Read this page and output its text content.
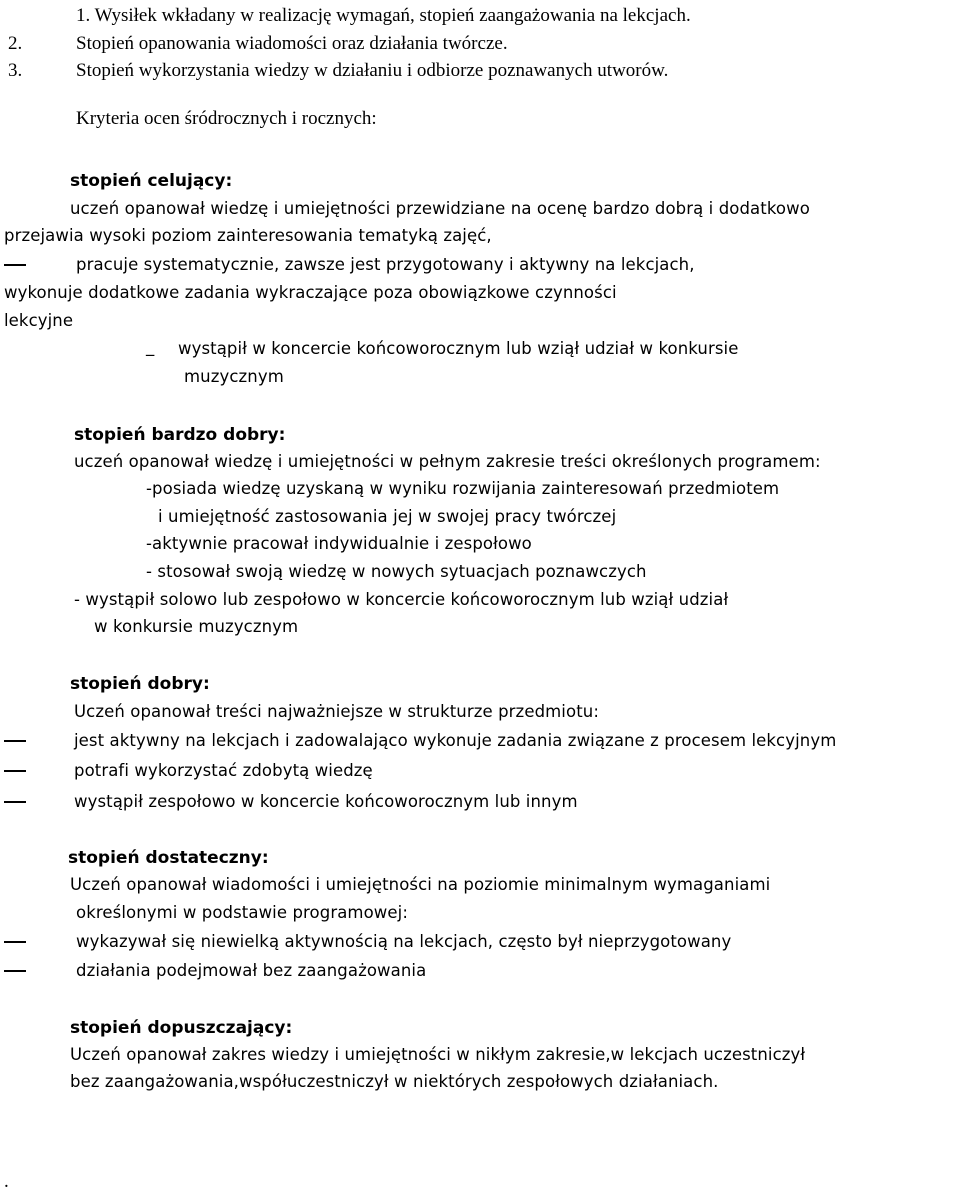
1. Wysiłek wkładany w realizację wymagań, stopień zaangażowania na lekcjach.

2.	Stopień opanowania wiadomości oraz działania twórcze.

3.	Stopień wykorzystania wiedzy w działaniu i odbiorze poznawanych utworów.

Kryteria ocen śródrocznych i rocznych:

stopień celujący:

uczeń opanował wiedzę i umiejętności przewidziane na ocenę bardzo dobrą i dodatkowo

przejawia wysoki poziom zainteresowania tematyką zajęć,

pracuje systematycznie, zawsze jest przygotowany i aktywny na lekcjach,

wykonuje dodatkowe zadania wykraczające poza obowiązkowe czynności

lekcyjne

_ wystąpił w koncercie końcoworocznym lub wziął udział w konkursie

muzycznym

stopień bardzo dobry:

uczeń opanował wiedzę i umiejętności w pełnym zakresie treści określonych programem:

-posiada wiedzę uzyskaną w wyniku rozwijania zainteresowań przedmiotem

i umiejętność zastosowania jej w swojej pracy twórczej

-aktywnie pracował indywidualnie i zespołowo

- stosował swoją wiedzę w nowych sytuacjach poznawczych

- wystąpił solowo lub zespołowo w koncercie końcoworocznym lub wziął udział

w konkursie muzycznym

stopień dobry:

Uczeń opanował treści najważniejsze w strukturze przedmiotu:

jest aktywny na lekcjach i zadowalająco wykonuje zadania związane z procesem lekcyjnym

potrafi wykorzystać zdobytą wiedzę

wystąpił zespołowo w koncercie końcoworocznym lub innym

stopień dostateczny:

Uczeń opanował wiadomości i umiejętności na poziomie minimalnym wymaganiami

określonymi w podstawie programowej:

wykazywał się niewielką aktywnością na lekcjach, często był nieprzygotowany

działania podejmował bez zaangażowania

stopień dopuszczający:

Uczeń opanował zakres wiedzy i umiejętności w nikłym zakresie,w lekcjach uczestniczył

bez zaangażowania,współuczestniczył w niektórych zespołowych działaniach.

.
